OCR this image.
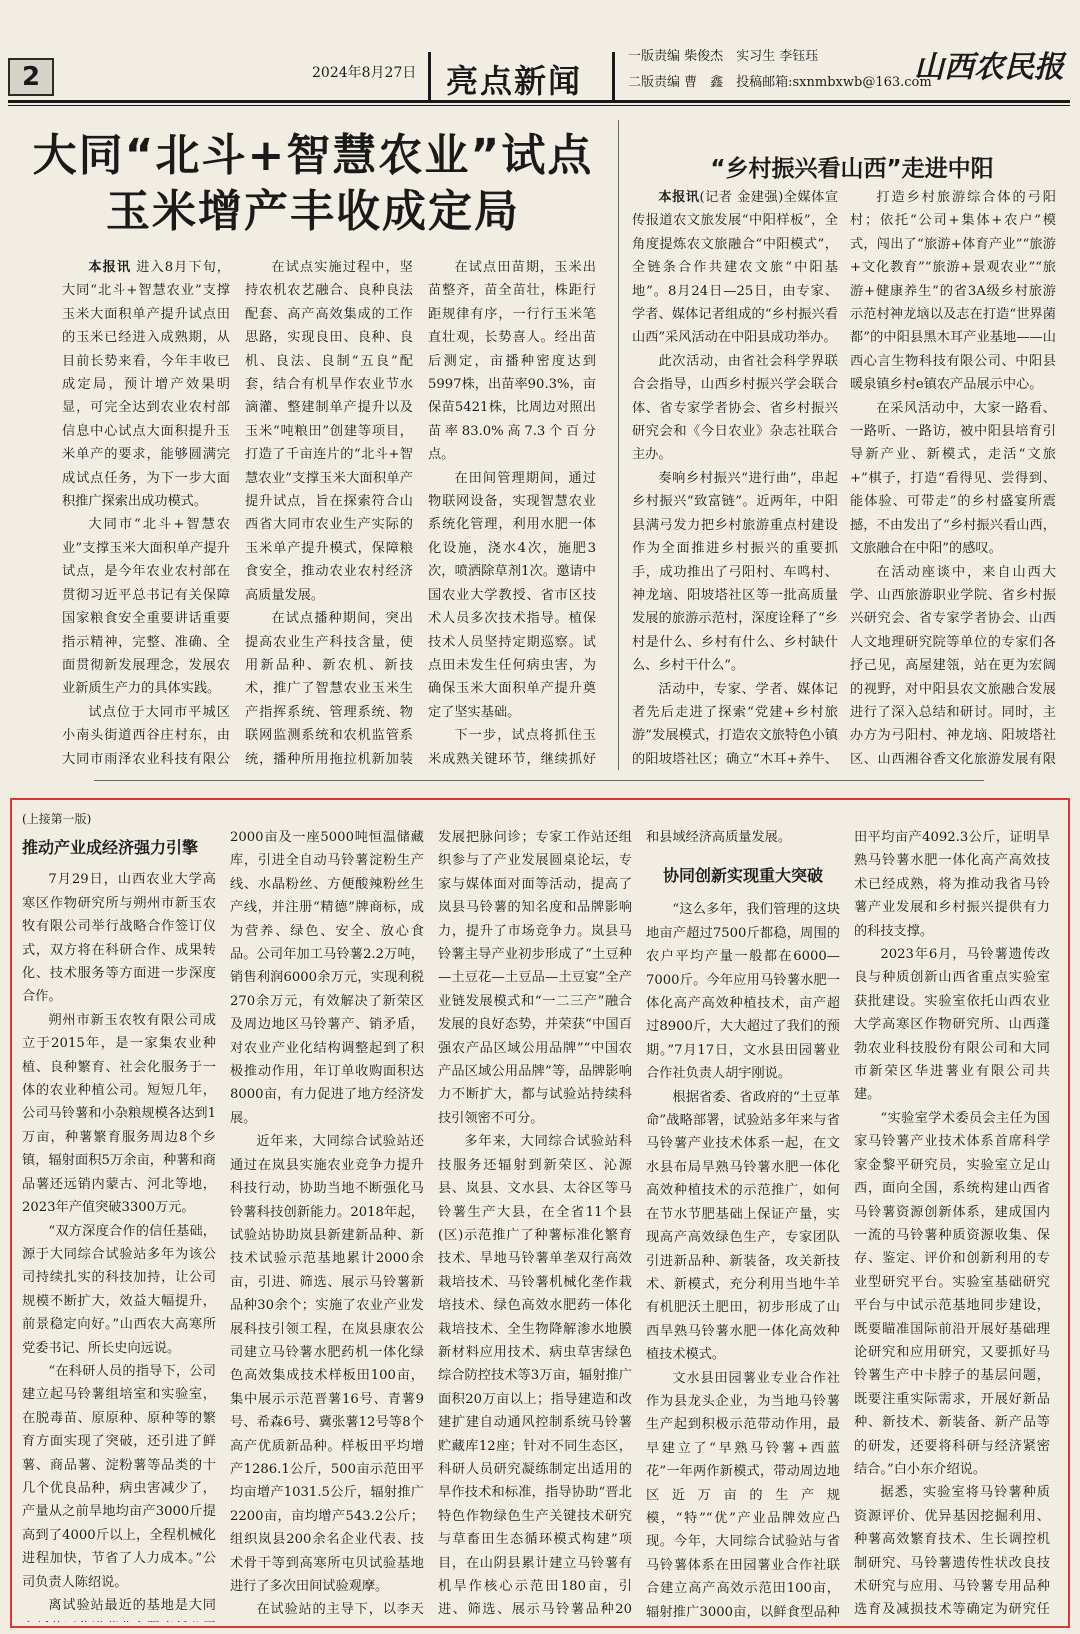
2	2024年8月27日 亮点新闻
一版责编 柴俊杰　实习生 李钰珏
二版责编 曹　鑫　投稿邮箱:sxnmbxwb@163.com
山西农民报
大同“北斗+智慧农业”试点
玉米增产丰收成定局
“乡村振兴看山西”走进中阳

本报讯 进入8月下旬，大同“北斗+智慧农业”支撑玉米大面积单产提升试点田的玉米已经进入成熟期，从目前长势来看，今年丰收已成定局，预计增产效果明显，可完全达到农业农村部信息中心试点大面积提升玉米单产的要求，能够圆满完成试点任务，为下一步大面积推广探索出成功模式。

大同市“北斗+智慧农业”支撑玉米大面积单产提升试点，是今年农业农村部在贯彻习近平总书记有关保障国家粮食安全重要讲话重要指示精神，完整、准确、全面贯彻新发展理念，发展农业新质生产力的具体实践。

试点位于大同市平城区小南头街道西谷庄村东，由大同市雨泽农业科技有限公

在试点实施过程中，坚持农机农艺融合、良种良法配套、高产高效集成的工作思路，实现良田、良种、良机、良法、良制“五良”配套，结合有机旱作农业节水滴灌、整建制单产提升以及玉米“吨粮田”创建等项目，打造了千亩连片的“北斗+智慧农业”支撑玉米大面积单产提升试点，旨在探索符合山西省大同市农业生产实际的玉米单产提升模式，保障粮食安全，推动农业农村经济高质量发展。

在试点播种期间，突出提高农业生产科技含量，使用新品种、新农机、新技术，推广了智慧农业玉米生产指挥系统、管理系统、物联网监测系统和农机监管系统，播种所用拖拉机新加装

在试点田苗期，玉米出苗整齐，苗全苗壮，株距行距规律有序，一行行玉米笔直壮观，长势喜人。经出苗后测定，亩播种密度达到5997株，出苗率90.3%，亩保苗5421株，比周边对照出苗率83.0%高7.3个百分点。

在田间管理期间，通过物联网设备，实现智慧农业系统化管理，利用水肥一体化设施，浇水4次，施肥3次，喷洒除草剂1次。邀请中国农业大学教授、省市区技术人员多次技术指导。植保技术人员坚持定期巡察。试点田未发生任何病虫害，为确保玉米大面积单产提升奠定了坚实基础。

下一步，试点将抓住玉米成熟关键环节，继续抓好

本报讯(记者 金建强)全媒体宣传报道农文旅发展“中阳样板”，全角度提炼农文旅融合“中阳模式”，全链条合作共建农文旅“中阳基地”。8月24日—25日，由专家、学者、媒体记者组成的“乡村振兴看山西”采风活动在中阳县成功举办。

此次活动，由省社会科学界联合会指导，山西乡村振兴学会联合体、省专家学者协会、省乡村振兴研究会和《今日农业》杂志社联合主办。

奏响乡村振兴“进行曲”，串起乡村振兴“致富链”。近两年，中阳县满弓发力把乡村旅游重点村建设作为全面推进乡村振兴的重要抓手，成功推出了弓阳村、车鸣村、神龙垴、阳坡塔社区等一批高质量发展的旅游示范村，深度诠释了“乡村是什么、乡村有什么、乡村缺什么、乡村干什么”。

活动中，专家、学者、媒体记者先后走进了探索“党建+乡村旅游”发展模式，打造农文旅特色小镇的阳坡塔社区；确立“木耳+养牛、

打造乡村旅游综合体的弓阳村；依托“公司+集体+农户”模式，闯出了“旅游+体育产业”“旅游+文化教育”“旅游+景观农业”“旅游+健康养生”的省3A级乡村旅游示范村神龙垴以及志在打造“世界菌都”的中阳县黑木耳产业基地——山西心言生物科技有限公司、中阳县暖泉镇乡村e镇农产品展示中心。

在采风活动中，大家一路看、一路听、一路访，被中阳县培育引导新产业、新模式，走活“文旅+”棋子，打造“看得见、尝得到、能体验、可带走”的乡村盛宴所震撼，不由发出了“乡村振兴看山西，文旅融合在中阳”的感叹。

在活动座谈中，来自山西大学、山西旅游职业学院、省乡村振兴研究会、省专家学者协会、山西人文地理研究院等单位的专家们各抒己见，高屋建瓴，站在更为宏阔的视野，对中阳县农文旅融合发展进行了深入总结和研讨。同时，主办方为弓阳村、神龙垴、阳坡塔社区、山西湘谷香文化旅游发展有限

(上接第一版)
推动产业成经济强力引擎

7月29日，山西农业大学高寒区作物研究所与朔州市新玉农牧有限公司举行战略合作签订仪式，双方将在科研合作、成果转化、技术服务等方面进一步深度合作。

朔州市新玉农牧有限公司成立于2015年，是一家集农业种植、良种繁育、社会化服务于一体的农业种植公司。短短几年，公司马铃薯和小杂粮规模各达到1万亩，种薯繁育服务周边8个乡镇，辐射面积5万余亩，种薯和商品薯还远销内蒙古、河北等地，2023年产值突破3300万元。

“双方深度合作的信任基础，源于大同综合试验站多年为该公司持续扎实的科技加持，让公司规模不断扩大，效益大幅提升，前景稳定向好。”山西农大高寒所党委书记、所长史向远说。

“在科研人员的指导下，公司建立起马铃薯组培室和实验室，在脱毒苗、原原种、原种等的繁育方面实现了突破，还引进了鲜薯、商品薯、淀粉薯等品类的十几个优良品种，病虫害减少了，产量从之前旱地均亩产3000斤提高到了4000斤以上，全程机械化进程加快，节省了人力成本。”公司负责人陈绍说。

离试验站最近的基地是大同

2000亩及一座5000吨恒温储藏库，引进全自动马铃薯淀粉生产线、水晶粉丝、方便酸辣粉丝生产线，并注册“精德”牌商标，成为营养、绿色、安全、放心食品。公司年加工马铃薯2.2万吨，销售利润6000余万元，实现利税270余万元，有效解决了新荣区及周边地区马铃薯产、销矛盾，对农业产业化结构调整起到了积极推动作用，年订单收购面积达8000亩，有力促进了地方经济发展。

近年来，大同综合试验站还通过在岚县实施农业竞争力提升科技行动，协助当地不断强化马铃薯科技创新能力。2018年起，试验站协助岚县新建新品种、新技术试验示范基地累计2000余亩，引进、筛选、展示马铃薯新品种30余个；实施了农业产业发展科技引领工程，在岚县康农公司建立马铃薯水肥药机一体化绿色高效集成技术样板田100亩，集中展示示范晋薯16号、青薯9号、希森6号、冀张薯12号等8个高产优质新品种。样板田平均增产1286.1公斤，500亩示范田平均亩增产1031.5公斤，辐射推广2200亩，亩均增产543.2公斤；组织岚县200余名企业代表、技术骨干等到高寒所屯贝试验基地进行了多次田间试验观摩。

在试验站的主导下，以李天

发展把脉问诊；专家工作站还组织参与了产业发展圆桌论坛，专家与媒体面对面等活动，提高了岚县马铃薯的知名度和品牌影响力，提升了市场竞争力。岚县马铃薯主导产业初步形成了“土豆种—土豆花—土豆品—土豆宴”全产业链发展模式和“一二三产”融合发展的良好态势，并荣获“中国百强农产品区域公用品牌”“中国农产品区域公用品牌”等，品牌影响力不断扩大，都与试验站持续科技引领密不可分。

多年来，大同综合试验站科技服务还辐射到新荣区、沁源县、岚县、文水县、太谷区等马铃薯生产大县，在全省11个县(区)示范推广了种薯标准化繁育技术、旱地马铃薯单垄双行高效栽培技术、马铃薯机械化垄作栽培技术、绿色高效水肥药一体化栽培技术、全生物降解渗水地膜新材料应用技术、病虫草害绿色综合防控技术等3万亩，辐射推广面积20万亩以上；指导建造和改建扩建自动通风控制系统马铃薯贮藏库12座；针对不同生态区，科研人员研究凝练制定出适用的旱作技术和标准，指导协助“晋北特色作物绿色生产关键技术研究与草畜田生态循环模式构建”项目，在山阴县累计建立马铃薯有机旱作核心示范田180亩，引进、筛选、展示马铃薯品种20

和县域经济高质量发展。

协同创新实现重大突破

“这么多年，我们管理的这块地亩产超过7500斤都稳，周围的农户平均产量一般都在6000—7000斤。今年应用马铃薯水肥一体化高产高效种植技术，亩产超过8900斤，大大超过了我们的预期。”7月17日，文水县田园薯业合作社负责人胡宇刚说。

根据省委、省政府的“土豆革命”战略部署，试验站多年来与省马铃薯产业技术体系一起，在文水县布局旱熟马铃薯水肥一体化高效种植技术的示范推广，如何在节水节肥基础上保证产量，实现高产高效绿色生产，专家团队引进新品种、新装备，攻关新技术、新模式，充分利用当地牛羊有机肥沃土肥田，初步形成了山西旱熟马铃薯水肥一体化高效种植技术模式。

文水县田园薯业专业合作社作为县龙头企业，为当地马铃薯生产起到积极示范带动作用，最早建立了“早熟马铃薯+西蓝花”一年两作新模式，带动周边地区近万亩的生产规模，“特”“优”产业品牌效应凸现。今年，大同综合试验站与省马铃薯体系在田园薯业合作社联合建立高产高效示范田100亩，辐射推广3000亩，以鲜食型品种

田平均亩产4092.3公斤，证明旱熟马铃薯水肥一体化高产高效技术已经成熟，将为推动我省马铃薯产业发展和乡村振兴提供有力的科技支撑。

2023年6月，马铃薯遗传改良与种质创新山西省重点实验室获批建设。实验室依托山西农业大学高寒区作物研究所、山西蓬勃农业科技股份有限公司和大同市新荣区华进薯业有限公司共建。

“实验室学术委员会主任为国家马铃薯产业技术体系首席科学家金黎平研究员，实验室立足山西，面向全国，系统构建山西省马铃薯资源创新体系，建成国内一流的马铃薯种质资源收集、保存、鉴定、评价和创新利用的专业型研究平台。实验室基础研究平台与中试示范基地同步建设，既要瞄准国际前沿开展好基础理论研究和应用研究，又要抓好马铃薯生产中卡脖子的基层问题，既要注重实际需求，开展好新品种、新技术、新装备、新产品等的研发，还要将科研与经济紧密结合。”白小东介绍说。

据悉，实验室将马铃薯种质资源评价、优异基因挖掘利用、种薯高效繁育技术、生长调控机制研究、马铃薯遗传性状改良技术研究与应用、马铃薯专用品种选育及减损技术等确定为研究任
